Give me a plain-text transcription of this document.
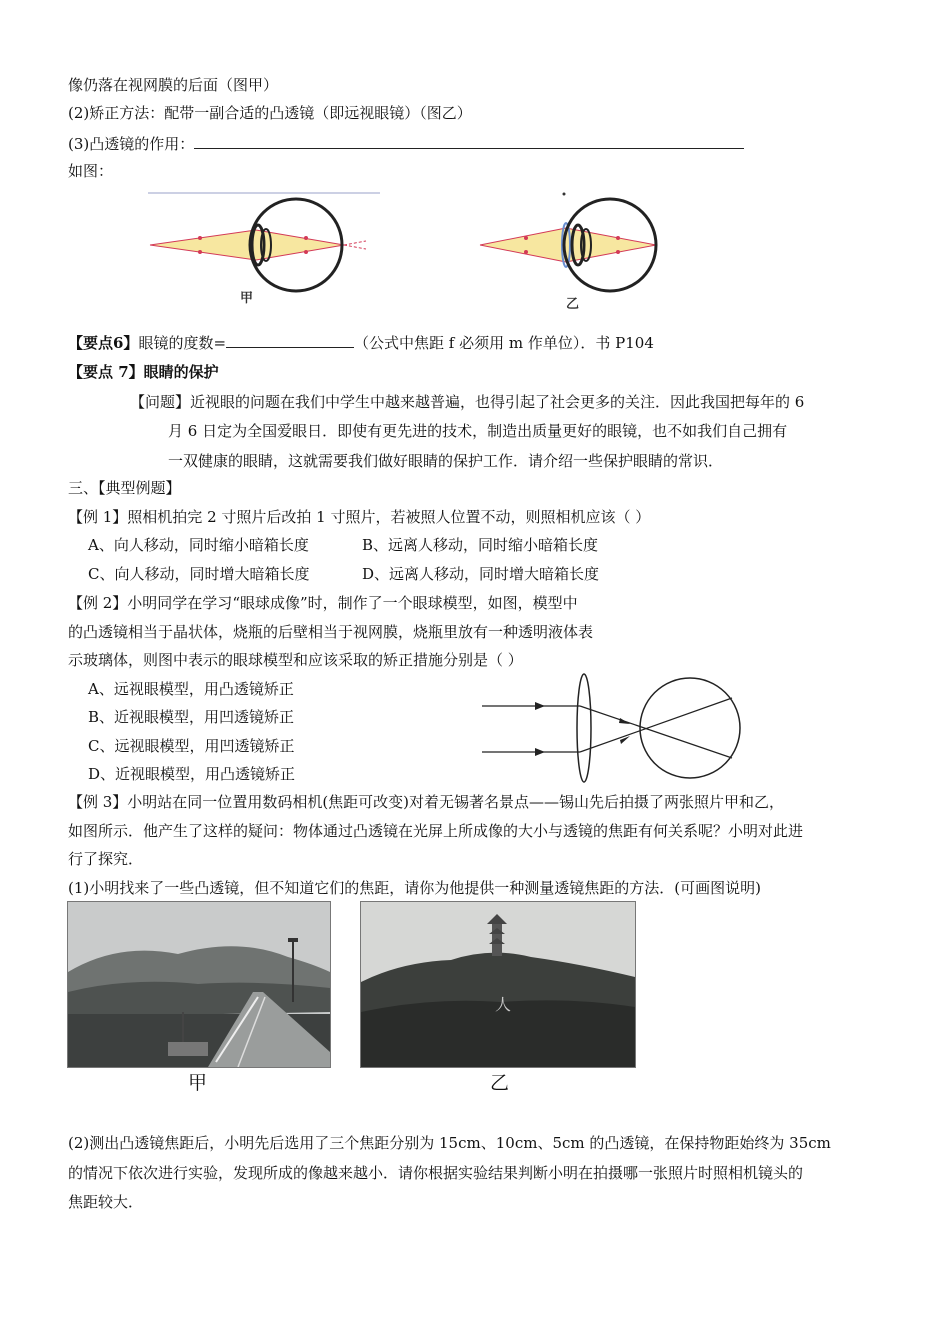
像仍落在视网膜的后面（图甲）
(2)矫正方法：配带一副合适的凸透镜（即远视眼镜）（图乙）
(3)凸透镜的作用：
如图：
甲	乙
【要点6】眼镜的度数=	（公式中焦距 f 必须用 m 作单位）．书 P104
【要点 7】眼睛的保护
【问题】近视眼的问题在我们中学生中越来越普遍，也得引起了社会更多的关注．因此我国把每年的 6
月 6 日定为全国爱眼日．即使有更先进的技术，制造出质量更好的眼镜，也不如我们自己拥有
一双健康的眼睛，这就需要我们做好眼睛的保护工作．请介绍一些保护眼睛的常识．
三、【典型例题】
【例 1】照相机拍完 2 寸照片后改拍 1 寸照片，若被照人位置不动，则照相机应该（ ）
A、向人移动，同时缩小暗箱长度	B、远离人移动，同时缩小暗箱长度
C、向人移动，同时增大暗箱长度	D、远离人移动，同时增大暗箱长度
【例 2】小明同学在学习“眼球成像”时，制作了一个眼球模型，如图，模型中
的凸透镜相当于晶状体，烧瓶的后壁相当于视网膜，烧瓶里放有一种透明液体表
示玻璃体，则图中表示的眼球模型和应该采取的矫正措施分别是（ ）
A、远视眼模型，用凸透镜矫正
B、近视眼模型，用凹透镜矫正
C、远视眼模型，用凹透镜矫正
D、近视眼模型，用凸透镜矫正
【例 3】小明站在同一位置用数码相机(焦距可改变)对着无锡著名景点——锡山先后拍摄了两张照片甲和乙，
如图所示．他产生了这样的疑问：物体通过凸透镜在光屏上所成像的大小与透镜的焦距有何关系呢？小明对此进
行了探究．
(1)小明找来了一些凸透镜，但不知道它们的焦距，请你为他提供一种测量透镜焦距的方法．(可画图说明)
甲
人
乙
(2)测出凸透镜焦距后，小明先后选用了三个焦距分别为 15cm、10cm、5cm 的凸透镜，在保持物距始终为 35cm
的情况下依次进行实验，发现所成的像越来越小．请你根据实验结果判断小明在拍摄哪一张照片时照相机镜头的
焦距较大．
